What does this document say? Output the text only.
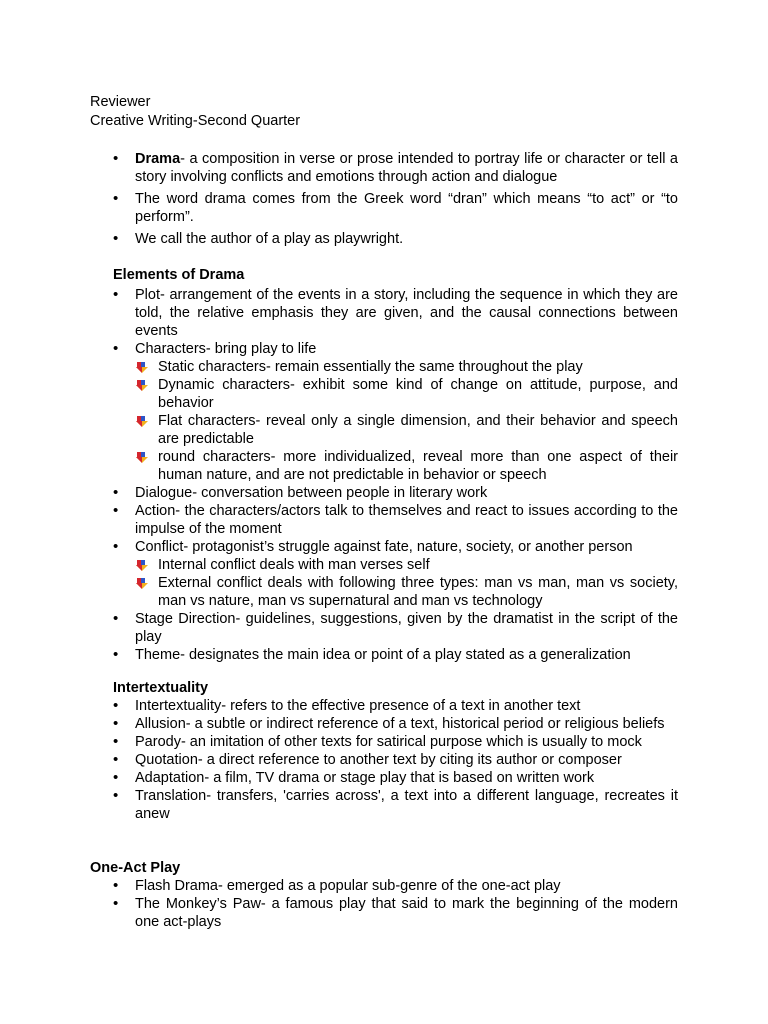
Reviewer
Creative Writing-Second Quarter
• Drama- a composition in verse or prose intended to portray life or character or tell a story involving conflicts and emotions through action and dialogue
• The word drama comes from the Greek word “dran” which means “to act” or “to perform”.
• We call the author of a play as playwright.
Elements of Drama
• Plot- arrangement of the events in a story, including the sequence in which they are told, the relative emphasis they are given, and the causal connections between events
• Characters- bring play to life
Static characters- remain essentially the same throughout the play
Dynamic characters- exhibit some kind of change on attitude, purpose, and behavior
Flat characters- reveal only a single dimension, and their behavior and speech are predictable
round characters- more individualized, reveal more than one aspect of their human nature, and are not predictable in behavior or speech
• Dialogue- conversation between people in literary work
• Action- the characters/actors talk to themselves and react to issues according to the impulse of the moment
• Conflict- protagonist’s struggle against fate, nature, society, or another person
Internal conflict deals with man verses self
External conflict deals with following three types: man vs man, man vs society, man vs nature, man vs supernatural and man vs technology
• Stage Direction- guidelines, suggestions, given by the dramatist in the script of the play
• Theme- designates the main idea or point of a play stated as a generalization
Intertextuality
• Intertextuality- refers to the effective presence of a text in another text
• Allusion- a subtle or indirect reference of a text, historical period or religious beliefs
• Parody- an imitation of other texts for satirical purpose which is usually to mock
• Quotation- a direct reference to another text by citing its author or composer
• Adaptation- a film, TV drama or stage play that is based on written work
• Translation- transfers, 'carries across', a text into a different language, recreates it anew
One-Act Play
• Flash Drama- emerged as a popular sub-genre of the one-act play
• The Monkey’s Paw- a famous play that said to mark the beginning of the modern one act-plays
